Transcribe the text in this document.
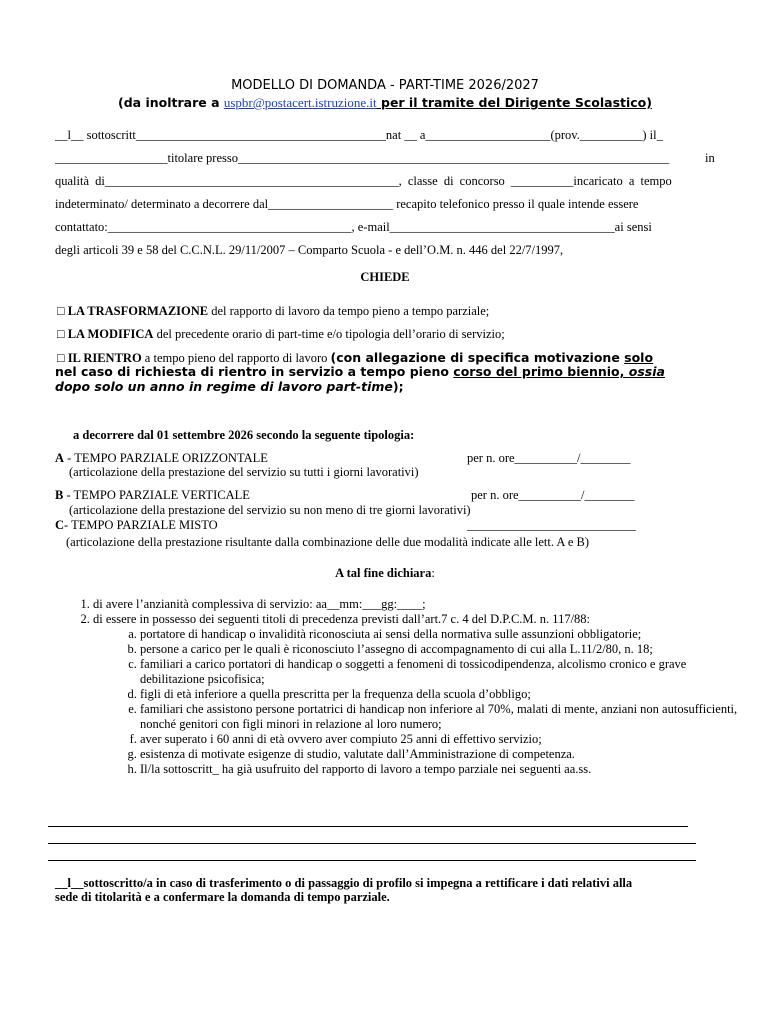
MODELLO DI DOMANDA - PART-TIME 2026/2027
(da inoltrare a uspbr@postacert.istruzione.it per il tramite del Dirigente Scolastico)
__l__ sottoscritt________________________________________nat __ a____________________(prov.__________) il_
__________________titolare presso_____________________________________________________________________	in
qualità di_______________________________________________, classe di concorso __________incaricato a tempo
indeterminato/ determinato a decorrere dal____________________ recapito telefonico presso il quale intende essere
contattato:_______________________________________, e-mail____________________________________ai sensi
degli articoli 39 e 58 del C.C.N.L. 29/11/2007 – Comparto Scuola - e dell’O.M. n. 446 del 22/7/1997,
CHIEDE
□ LA TRASFORMAZIONE del rapporto di lavoro da tempo pieno a tempo parziale;
□ LA MODIFICA del precedente orario di part-time e/o tipologia dell’orario di servizio;
□ IL RIENTRO a tempo pieno del rapporto di lavoro (con allegazione di specifica motivazione solo
nel caso di richiesta di rientro in servizio a tempo pieno corso del primo biennio, ossia
dopo solo un anno in regime di lavoro part-time);
a decorrere dal 01 settembre 2026 secondo la seguente tipologia:
A - TEMPO PARZIALE ORIZZONTALE	per n. ore__________/________
(articolazione della prestazione del servizio su tutti i giorni lavorativi)
B - TEMPO PARZIALE VERTICALE	per n. ore__________/________
(articolazione della prestazione del servizio su non meno di tre giorni lavorativi)
C- TEMPO PARZIALE MISTO	___________________________
(articolazione della prestazione risultante dalla combinazione delle due modalità indicate alle lett. A e B)
A tal fine dichiara:
1. di avere l’anzianità complessiva di servizio: aa__mm:___gg:____;
2. di essere in possesso dei seguenti titoli di precedenza previsti dall’art.7 c. 4 del D.P.C.M. n. 117/88:
a. portatore di handicap o invalidità riconosciuta ai sensi della normativa sulle assunzioni obbligatorie;
b. persone a carico per le quali è riconosciuto l’assegno di accompagnamento di cui alla L.11/2/80, n. 18;
c. familiari a carico portatori di handicap o soggetti a fenomeni di tossicodipendenza, alcolismo cronico e grave debilitazione psicofisica;
d. figli di età inferiore a quella prescritta per la frequenza della scuola d’obbligo;
e. familiari che assistono persone portatrici di handicap non inferiore al 70%, malati di mente, anziani non autosufficienti, nonché genitori con figli minori in relazione al loro numero;
f. aver superato i 60 anni di età ovvero aver compiuto 25 anni di effettivo servizio;
g. esistenza di motivate esigenze di studio, valutate dall’Amministrazione di competenza.
h. Il/la sottoscritt_ ha già usufruito del rapporto di lavoro a tempo parziale nei seguenti aa.ss.
__l__sottoscritto/a in caso di trasferimento o di passaggio di profilo si impegna a rettificare i dati relativi alla
sede di titolarità e a confermare la domanda di tempo parziale.
